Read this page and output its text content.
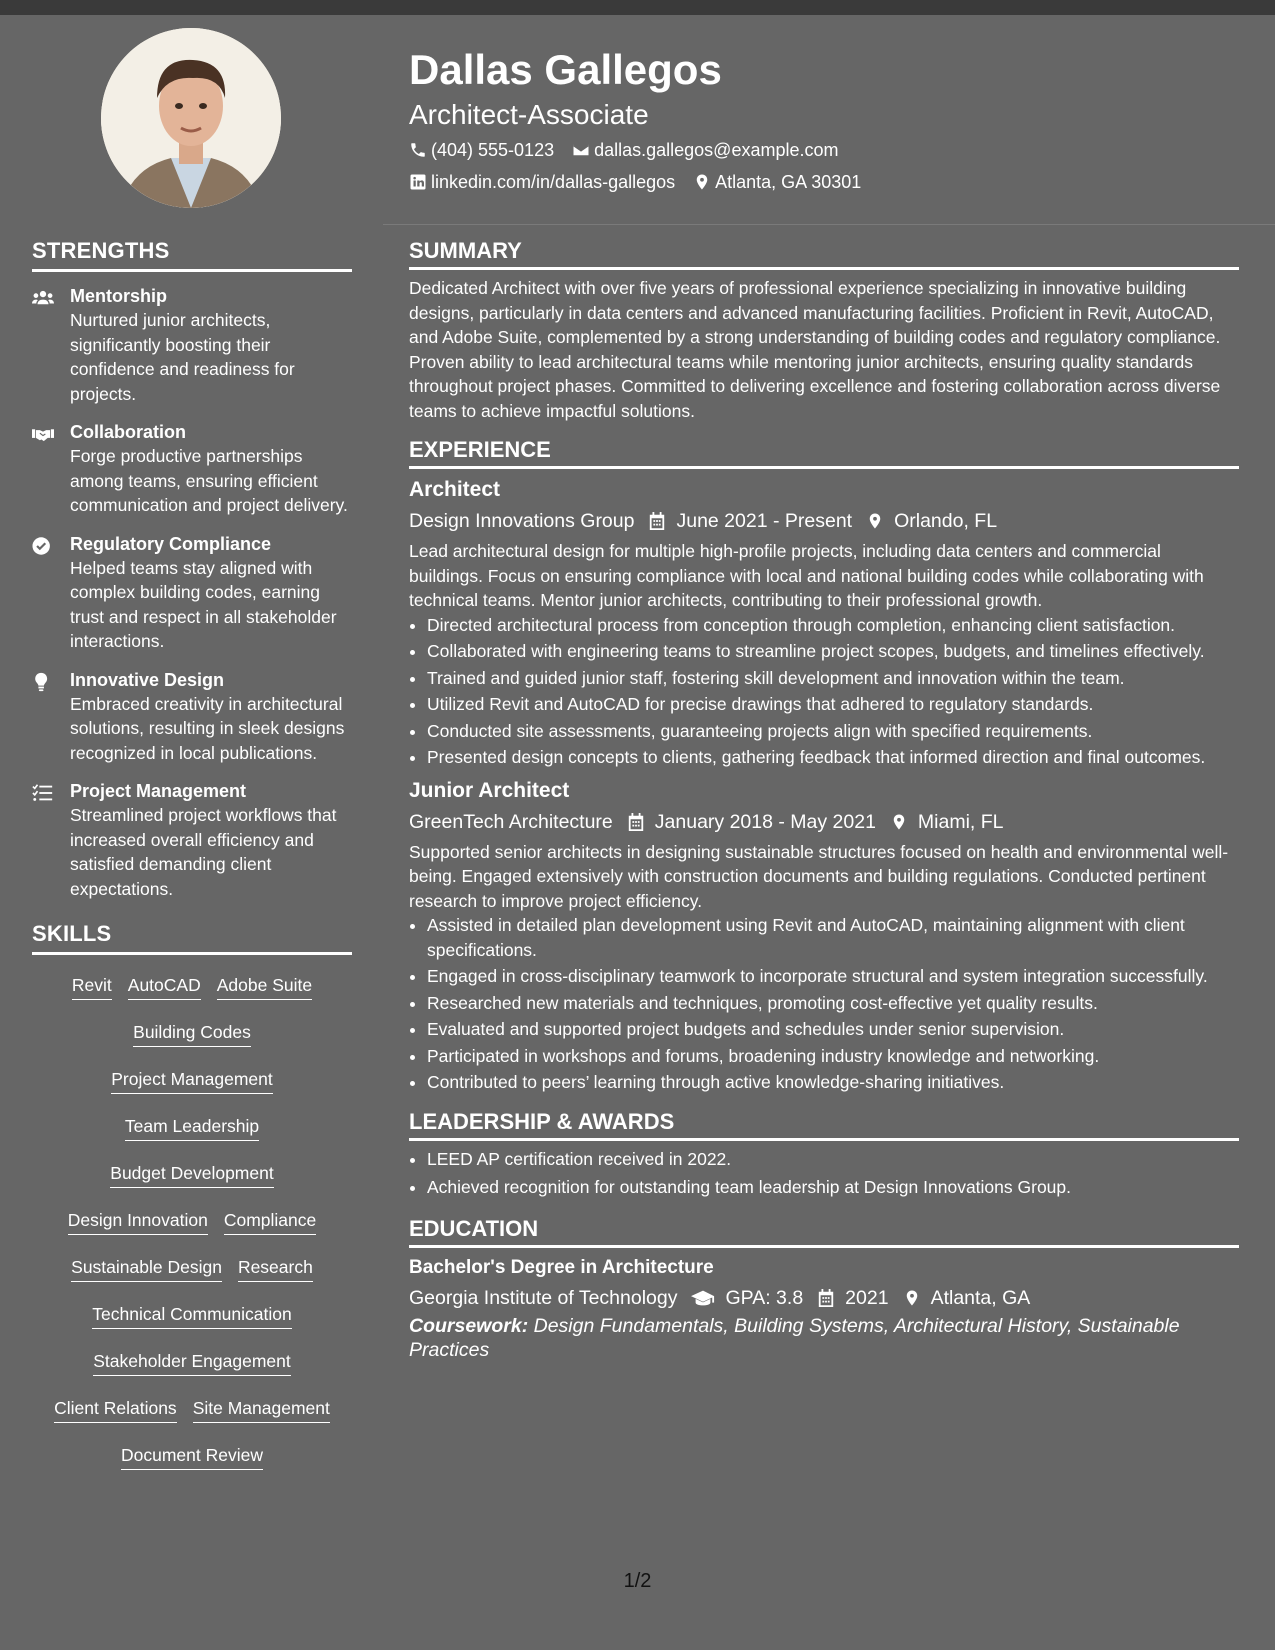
Dallas Gallegos
Architect-Associate
(404) 555-0123 dallas.gallegos@example.com
linkedin.com/in/dallas-gallegos Atlanta, GA 30301
STRENGTHS
Mentorship
Nurtured junior architects, significantly boosting their confidence and readiness for projects.
Collaboration
Forge productive partnerships among teams, ensuring efficient communication and project delivery.
Regulatory Compliance
Helped teams stay aligned with complex building codes, earning trust and respect in all stakeholder interactions.
Innovative Design
Embraced creativity in architectural solutions, resulting in sleek designs recognized in local publications.
Project Management
Streamlined project workflows that increased overall efficiency and satisfied demanding client expectations.
SKILLS
Revit AutoCAD Adobe Suite
Building Codes
Project Management
Team Leadership
Budget Development
Design Innovation Compliance
Sustainable Design Research
Technical Communication
Stakeholder Engagement
Client Relations Site Management
Document Review
SUMMARY
Dedicated Architect with over five years of professional experience specializing in innovative building designs, particularly in data centers and advanced manufacturing facilities. Proficient in Revit, AutoCAD, and Adobe Suite, complemented by a strong understanding of building codes and regulatory compliance. Proven ability to lead architectural teams while mentoring junior architects, ensuring quality standards throughout project phases. Committed to delivering excellence and fostering collaboration across diverse teams to achieve impactful solutions.
EXPERIENCE
Architect
Design Innovations Group June 2021 - Present Orlando, FL
Lead architectural design for multiple high-profile projects, including data centers and commercial buildings. Focus on ensuring compliance with local and national building codes while collaborating with technical teams. Mentor junior architects, contributing to their professional growth.
• Directed architectural process from conception through completion, enhancing client satisfaction.
• Collaborated with engineering teams to streamline project scopes, budgets, and timelines effectively.
• Trained and guided junior staff, fostering skill development and innovation within the team.
• Utilized Revit and AutoCAD for precise drawings that adhered to regulatory standards.
• Conducted site assessments, guaranteeing projects align with specified requirements.
• Presented design concepts to clients, gathering feedback that informed direction and final outcomes.
Junior Architect
GreenTech Architecture January 2018 - May 2021 Miami, FL
Supported senior architects in designing sustainable structures focused on health and environmental well-being. Engaged extensively with construction documents and building regulations. Conducted pertinent research to improve project efficiency.
• Assisted in detailed plan development using Revit and AutoCAD, maintaining alignment with client specifications.
• Engaged in cross-disciplinary teamwork to incorporate structural and system integration successfully.
• Researched new materials and techniques, promoting cost-effective yet quality results.
• Evaluated and supported project budgets and schedules under senior supervision.
• Participated in workshops and forums, broadening industry knowledge and networking.
• Contributed to peers’ learning through active knowledge-sharing initiatives.
LEADERSHIP & AWARDS
• LEED AP certification received in 2022.
• Achieved recognition for outstanding team leadership at Design Innovations Group.
EDUCATION
Bachelor's Degree in Architecture
Georgia Institute of Technology GPA: 3.8 2021 Atlanta, GA
Coursework: Design Fundamentals, Building Systems, Architectural History, Sustainable Practices
1/2
